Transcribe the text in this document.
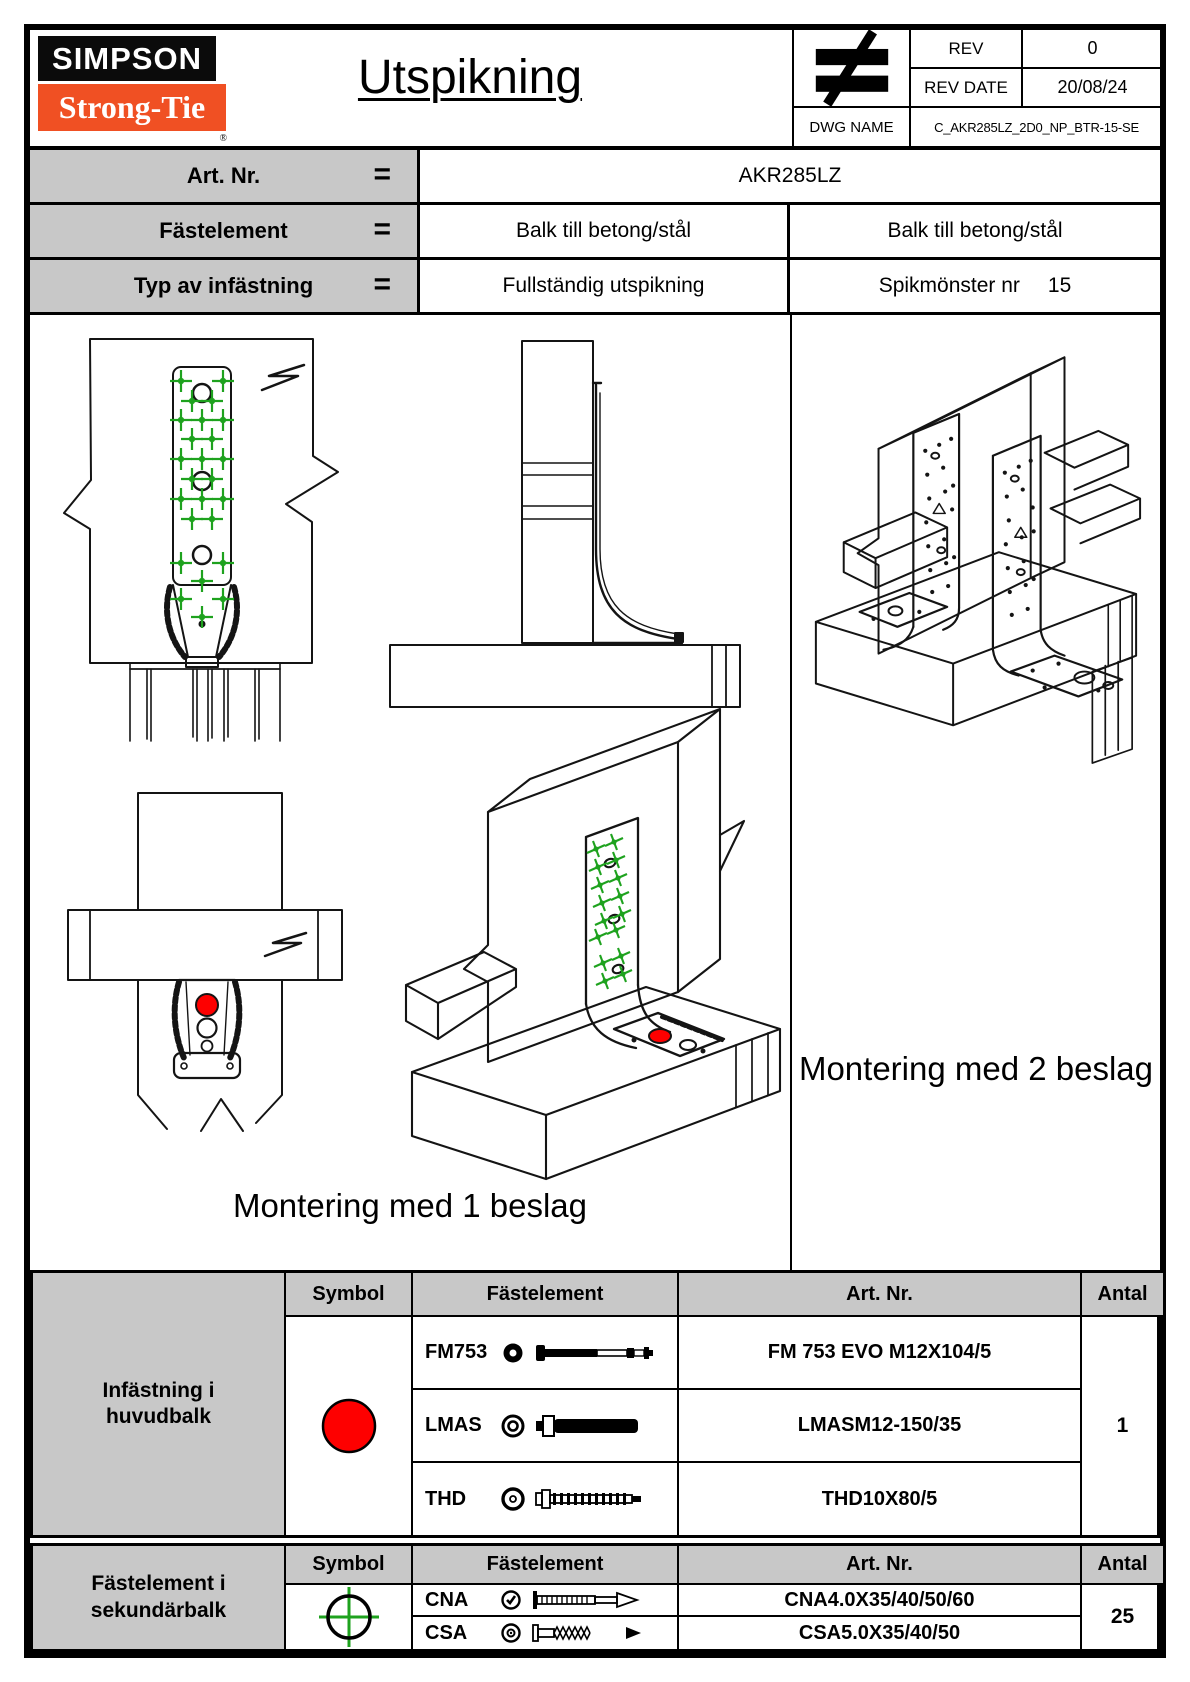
SIMPSON
Strong-Tie
®
Utspikning
REV	0
REV DATE	20/08/24
DWG NAME	C_AKR285LZ_2D0_NP_BTR-15-SE
Art. Nr.	=	AKR285LZ
Fästelement	=	Balk till betong/stål	Balk till betong/stål
Typ av infästning =	Fullständig utspikning	Spikmönster nr 15
Montering med 1 beslag
Montering med 2 beslag
Infästning i huvudbalk
Symbol	Fästelement	Art. Nr.	Antal
FM753	FM 753 EVO M12X104/5
1
LMAS	LMASM12-150/35
THD	THD10X80/5
Fästelement i sekundärbalk
Symbol	Fästelement	Art. Nr.	Antal
CNA	CNA4.0X35/40/50/60
25
CSA	CSA5.0X35/40/50
